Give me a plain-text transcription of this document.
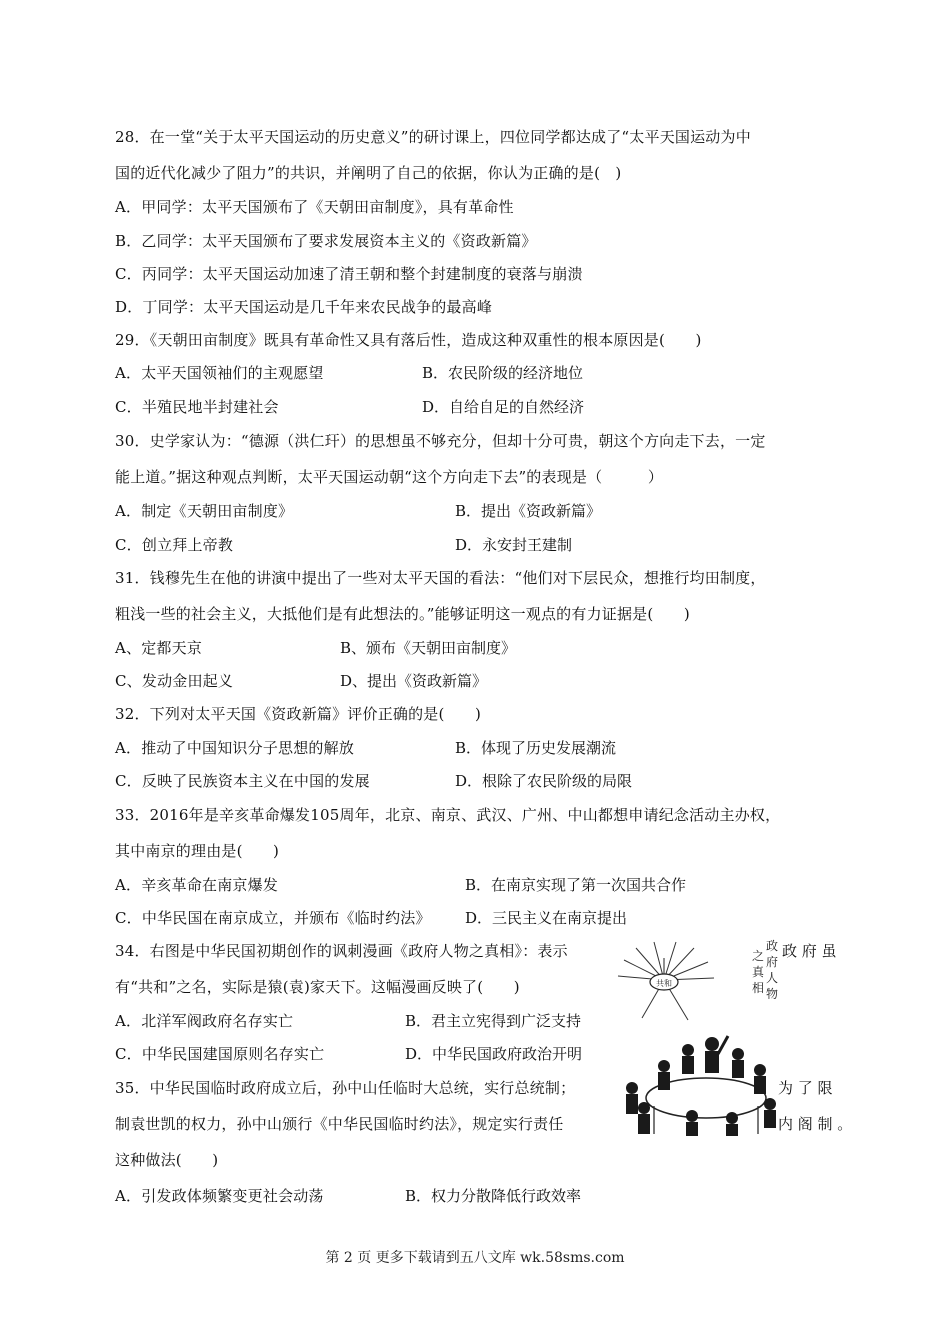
28．在一堂“关于太平天国运动的历史意义”的研讨课上，四位同学都达成了“太平天国运动为中
国的近代化减少了阻力”的共识，并阐明了自己的依据，你认为正确的是(　)
A．甲同学：太平天国颁布了《天朝田亩制度》，具有革命性
B．乙同学：太平天国颁布了要求发展资本主义的《资政新篇》
C．丙同学：太平天国运动加速了清王朝和整个封建制度的衰落与崩溃
D．丁同学：太平天国运动是几千年来农民战争的最高峰
29．《天朝田亩制度》既具有革命性又具有落后性，造成这种双重性的根本原因是(　　)
A．太平天国领袖们的主观愿望	B．农民阶级的经济地位
C．半殖民地半封建社会	D．自给自足的自然经济
30．史学家认为：“德源（洪仁玕）的思想虽不够充分，但却十分可贵，朝这个方向走下去，一定
能上道。”据这种观点判断，太平天国运动朝“这个方向走下去”的表现是（　　　）
A．制定《天朝田亩制度》	B．提出《资政新篇》
C．创立拜上帝教	D．永安封王建制
31．钱穆先生在他的讲演中提出了一些对太平天国的看法：“他们对下层民众，想推行均田制度，
粗浅一些的社会主义，大抵他们是有此想法的。”能够证明这一观点的有力证据是(　　)
A、定都天京	B、颁布《天朝田亩制度》
C、发动金田起义	D、提出《资政新篇》
32．下列对太平天国《资政新篇》评价正确的是(　　)
A．推动了中国知识分子思想的解放	B．体现了历史发展潮流
C．反映了民族资本主义在中国的发展	D．根除了农民阶级的局限
33．2016年是辛亥革命爆发105周年，北京、南京、武汉、广州、中山都想申请纪念活动主办权，
其中南京的理由是(　　)
A．辛亥革命在南京爆发	B．在南京实现了第一次国共合作
C．中华民国在南京成立，并颁布《临时约法》 D．三民主义在南京提出
34．右图是中华民国初期创作的讽刺漫画《政府人物之真相》：表示	政 府 虽
有“共和”之名，实际是猿(袁)家天下。这幅漫画反映了(　　)
A．北洋军阀政府名存实亡	B．君主立宪得到广泛支持
C．中华民国建国原则名存实亡	D．中华民国政府政治开明
35．中华民国临时政府成立后，孙中山任临时大总统，实行总统制；	为 了 限
制袁世凯的权力，孙中山颁行《中华民国临时约法》，规定实行责任	内 阁 制 。
这种做法(　　)
A．引发政体频繁变更社会动荡	B．权力分散降低行政效率
共和
政
府
人
物
之
真
相
第 2 页 更多下载请到五八文库 wk.58sms.com
